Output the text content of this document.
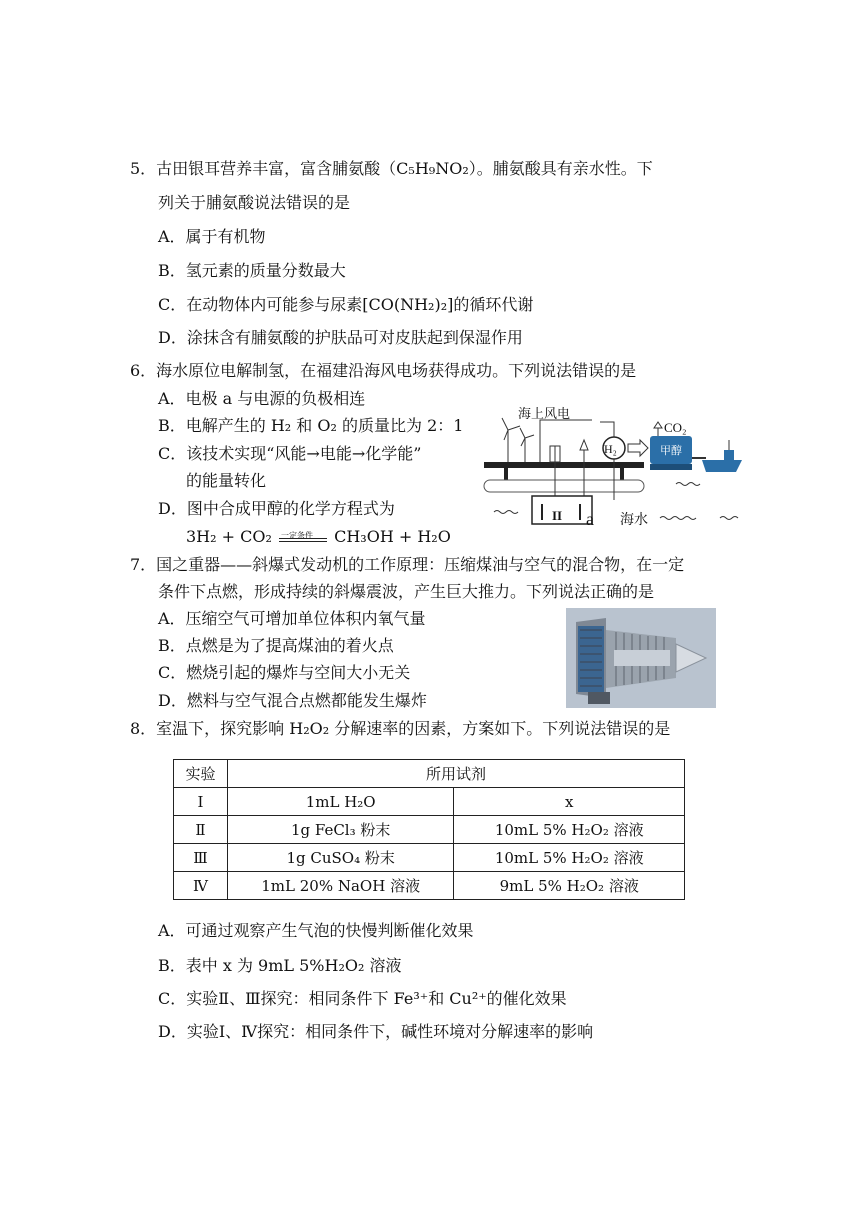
5．古田银耳营养丰富，富含脯氨酸（C₅H₉NO₂）。脯氨酸具有亲水性。下
列关于脯氨酸说法错误的是
A．属于有机物
B．氢元素的质量分数最大
C．在动物体内可能参与尿素[CO(NH₂)₂]的循环代谢
D．涂抹含有脯氨酸的护肤品可对皮肤起到保湿作用
6．海水原位电解制氢，在福建沿海风电场获得成功。下列说法错误的是
A．电极 a 与电源的负极相连
B．电解产生的 H₂ 和 O₂ 的质量比为 2：1
C．该技术实现“风能→电能→化学能”
的能量转化
D．图中合成甲醇的化学方程式为
3H₂ + CO₂ 一定条件 CH₃OH + H₂O
海上风电
H₂
CO₂
甲醇
II a 海水
7．国之重器——斜爆式发动机的工作原理：压缩煤油与空气的混合物，在一定
条件下点燃，形成持续的斜爆震波，产生巨大推力。下列说法正确的是
A．压缩空气可增加单位体积内氧气量
B．点燃是为了提高煤油的着火点
C．燃烧引起的爆炸与空间大小无关
D．燃料与空气混合点燃都能发生爆炸
8．室温下，探究影响 H₂O₂ 分解速率的因素，方案如下。下列说法错误的是
实验	所用试剂	
Ⅰ	1mL H₂O	x
Ⅱ	1g FeCl₃ 粉末	10mL 5% H₂O₂ 溶液
Ⅲ	1g CuSO₄ 粉末	10mL 5% H₂O₂ 溶液
Ⅳ	1mL 20% NaOH 溶液	9mL 5% H₂O₂ 溶液
A．可通过观察产生气泡的快慢判断催化效果
B．表中 x 为 9mL 5%H₂O₂ 溶液
C．实验Ⅱ、Ⅲ探究：相同条件下 Fe³⁺和 Cu²⁺的催化效果
D．实验Ⅰ、Ⅳ探究：相同条件下，碱性环境对分解速率的影响
